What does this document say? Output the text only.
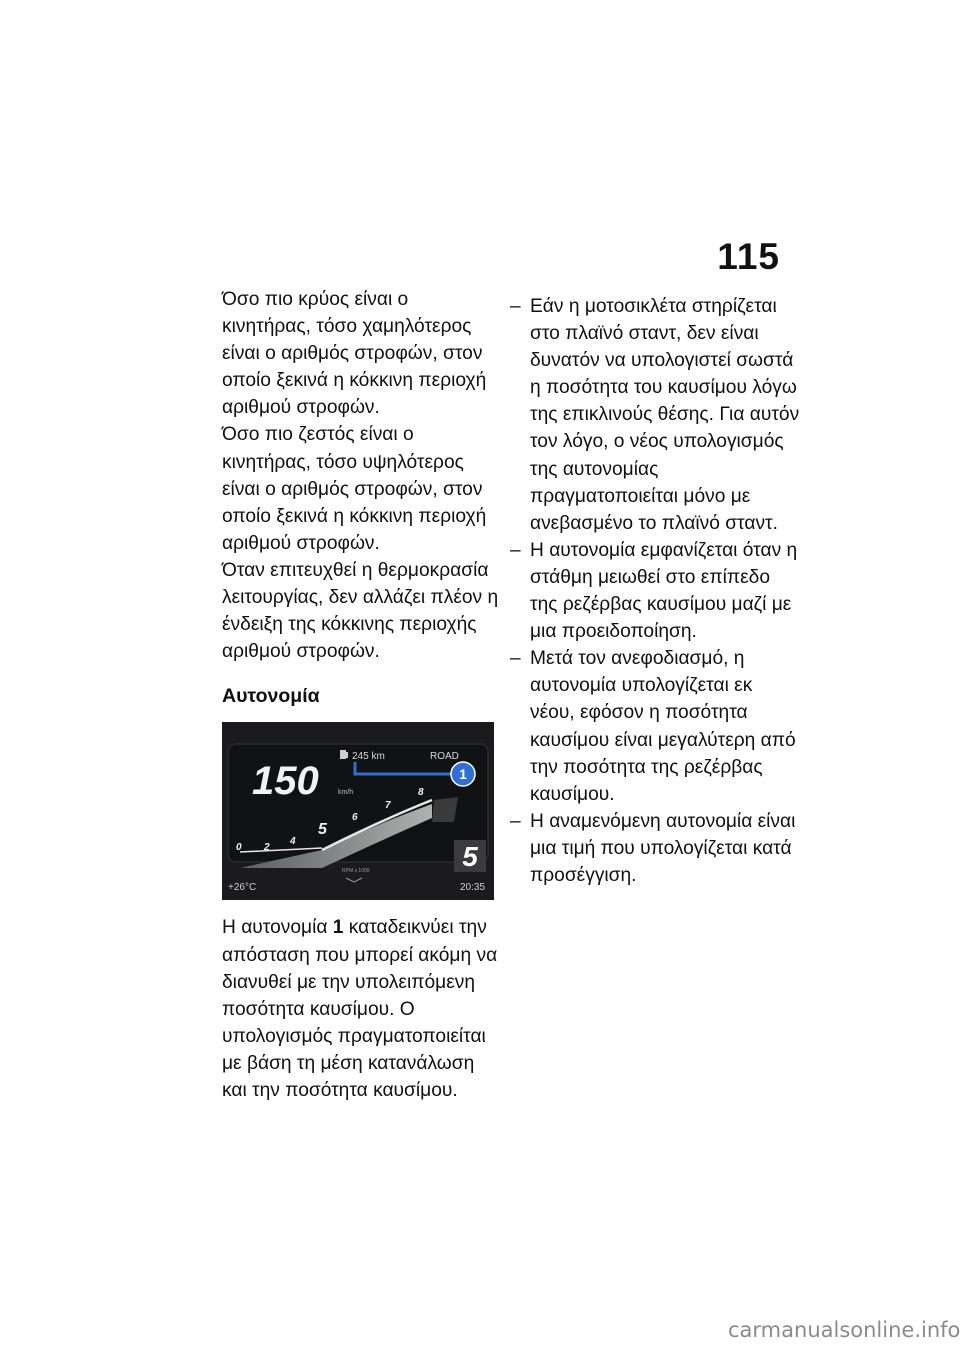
115

Όσο πιο κρύος είναι ο κινητήρας, τόσο χαμηλότερος είναι ο αριθμός στροφών, στον οποίο ξεκινά η κόκκινη περιοχή αριθμού στροφών.

Όσο πιο ζεστός είναι ο κινητήρας, τόσο υψηλότερος είναι ο αριθμός στροφών, στον οποίο ξεκινά η κόκκινη περιοχή αριθμού στροφών.

Όταν επιτευχθεί η θερμοκρασία λειτουργίας, δεν αλλάζει πλέον η ένδειξη της κόκκινης περιοχής αριθμού στροφών.

Αυτονομία

245 km	ROAD
1
150	km/h
0 2
4
5
6
7
8
5
RPM x 1000
+26°C	20:35

Η αυτονομία 1 καταδεικνύει την απόσταση που μπορεί ακόμη να διανυθεί με την υπολειπόμενη ποσότητα καυσίμου. Ο υπολογισμός πραγματοποιείται με βάση τη μέση κατανάλωση και την ποσότητα καυσίμου.

– Εάν η μοτοσικλέτα στηρίζεται στο πλαϊνό σταντ, δεν είναι δυνατόν να υπολογιστεί σωστά η ποσότητα του καυσίμου λόγω της επικλινούς θέσης. Για αυτόν τον λόγο, ο νέος υπολογισμός της αυτονομίας πραγματοποιείται μόνο με ανεβασμένο το πλαϊνό σταντ.

– Η αυτονομία εμφανίζεται όταν η στάθμη μειωθεί στο επίπεδο της ρεζέρβας καυσίμου μαζί με μια προειδοποίηση.

– Μετά τον ανεφοδιασμό, η αυτονομία υπολογίζεται εκ νέου, εφόσον η ποσότητα καυσίμου είναι μεγαλύτερη από την ποσότητα της ρεζέρβας καυσίμου.

– Η αναμενόμενη αυτονομία είναι μια τιμή που υπολογίζεται κατά προσέγγιση.

carmanualsonline.info
